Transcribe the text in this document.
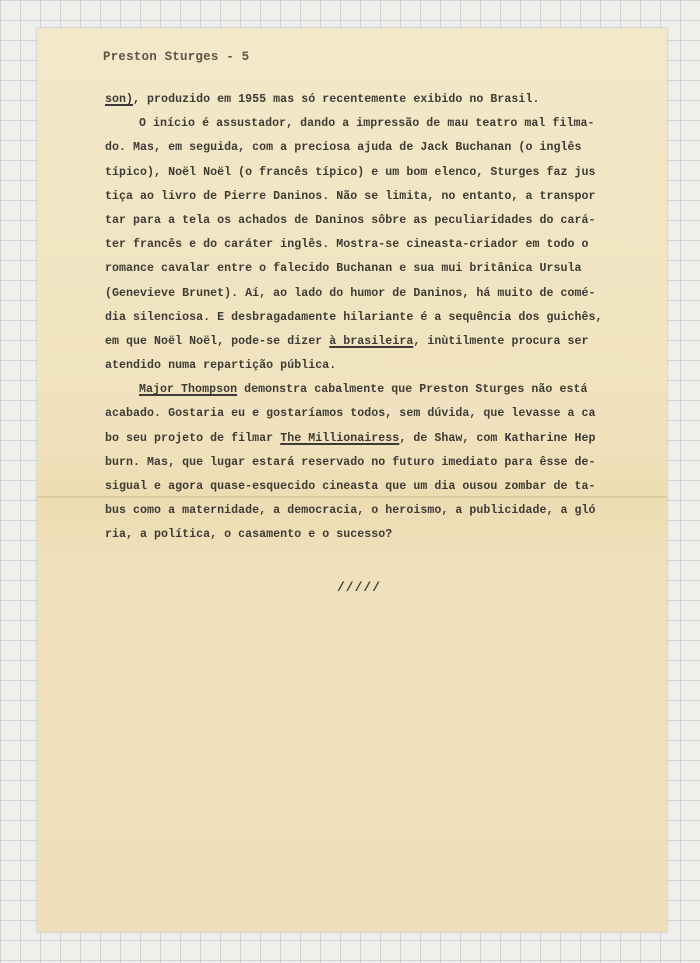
Preston Sturges - 5
son), produzido em 1955 mas só recentemente exibido no Brasil.
O início é assustador, dando a impressão de mau teatro mal filma-
do. Mas, em seguida, com a preciosa ajuda de Jack Buchanan (o inglês
típico), Noël Noël (o francês típico) e um bom elenco, Sturges faz jus
tiça ao livro de Pierre Daninos. Não se limita, no entanto, a transpor
tar para a tela os achados de Daninos sôbre as peculiaridades do cará-
ter francês e do caráter inglês. Mostra-se cineasta-criador em todo o
romance cavalar entre o falecido Buchanan e sua mui britânica Ursula
(Genevieve Brunet). Aí, ao lado do humor de Daninos, há muito de comé-
dia silenciosa. E desbragadamente hilariante é a sequência dos guichês,
em que Noël Noël, pode-se dizer à brasileira, inùtilmente procura ser
atendido numa repartição pública.
Major Thompson demonstra cabalmente que Preston Sturges não está
acabado. Gostaria eu e gostaríamos todos, sem dúvida, que levasse a ca
bo seu projeto de filmar The Millionairess, de Shaw, com Katharine Hep
burn. Mas, que lugar estará reservado no futuro imediato para êsse de-
sigual e agora quase-esquecido cineasta que um dia ousou zombar de ta-
bus como a maternidade, a democracia, o heroismo, a publicidade, a gló
ria, a política, o casamento e o sucesso?
/////
